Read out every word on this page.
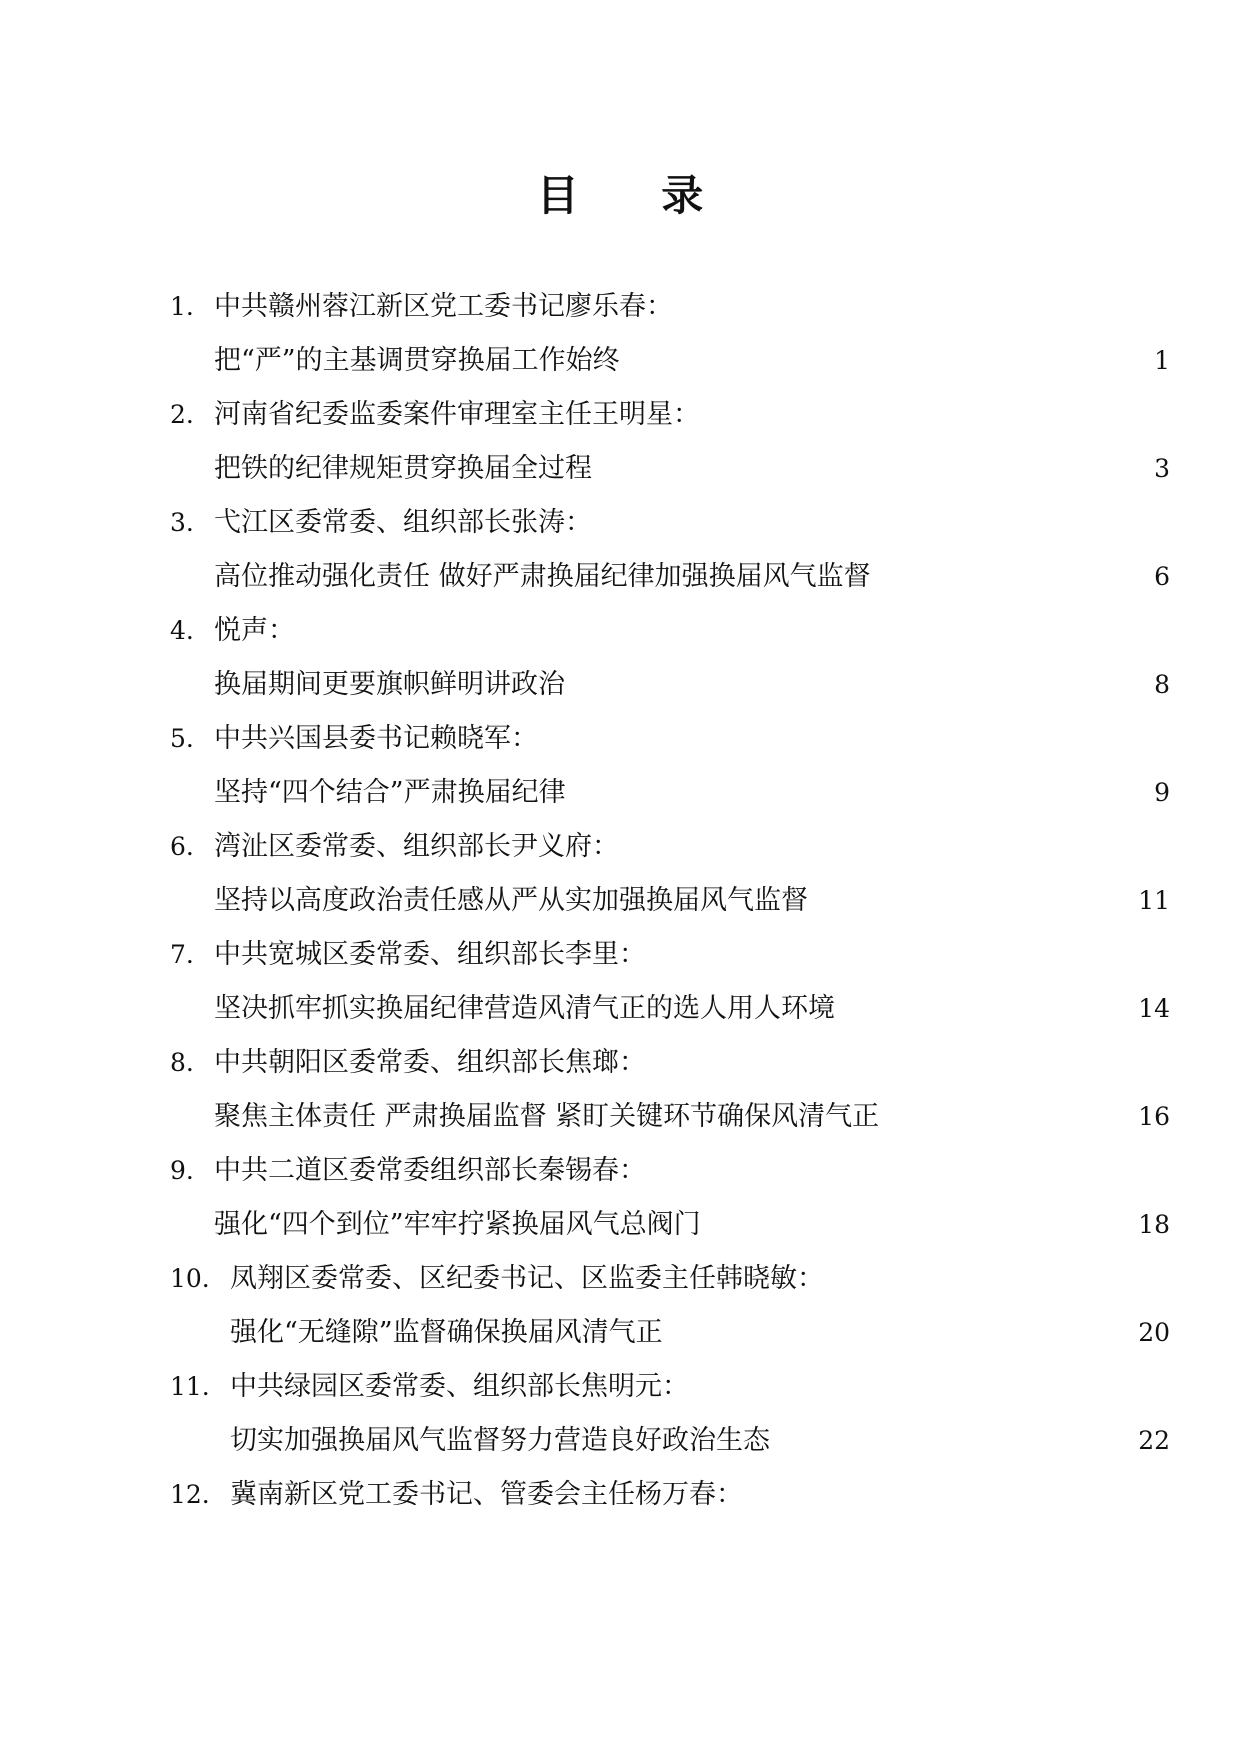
目 录
1. 中共赣州蓉江新区党工委书记廖乐春：
把“严”的主基调贯穿换届工作始终	1
2. 河南省纪委监委案件审理室主任王明星：
把铁的纪律规矩贯穿换届全过程	3
3. 弋江区委常委、组织部长张涛：
高位推动强化责任 做好严肃换届纪律加强换届风气监督	6
4. 悦声：
换届期间更要旗帜鲜明讲政治	8
5. 中共兴国县委书记赖晓军：
坚持“四个结合”严肃换届纪律	9
6. 湾沚区委常委、组织部长尹义府：
坚持以高度政治责任感从严从实加强换届风气监督	11
7. 中共宽城区委常委、组织部长李里：
坚决抓牢抓实换届纪律营造风清气正的选人用人环境	14
8. 中共朝阳区委常委、组织部长焦瑯：
聚焦主体责任 严肃换届监督 紧盯关键环节确保风清气正	16
9. 中共二道区委常委组织部长秦锡春：
强化“四个到位”牢牢拧紧换届风气总阀门	18
10. 凤翔区委常委、区纪委书记、区监委主任韩晓敏：
强化“无缝隙”监督确保换届风清气正	20
11. 中共绿园区委常委、组织部长焦明元：
切实加强换届风气监督努力营造良好政治生态	22
12. 冀南新区党工委书记、管委会主任杨万春：
